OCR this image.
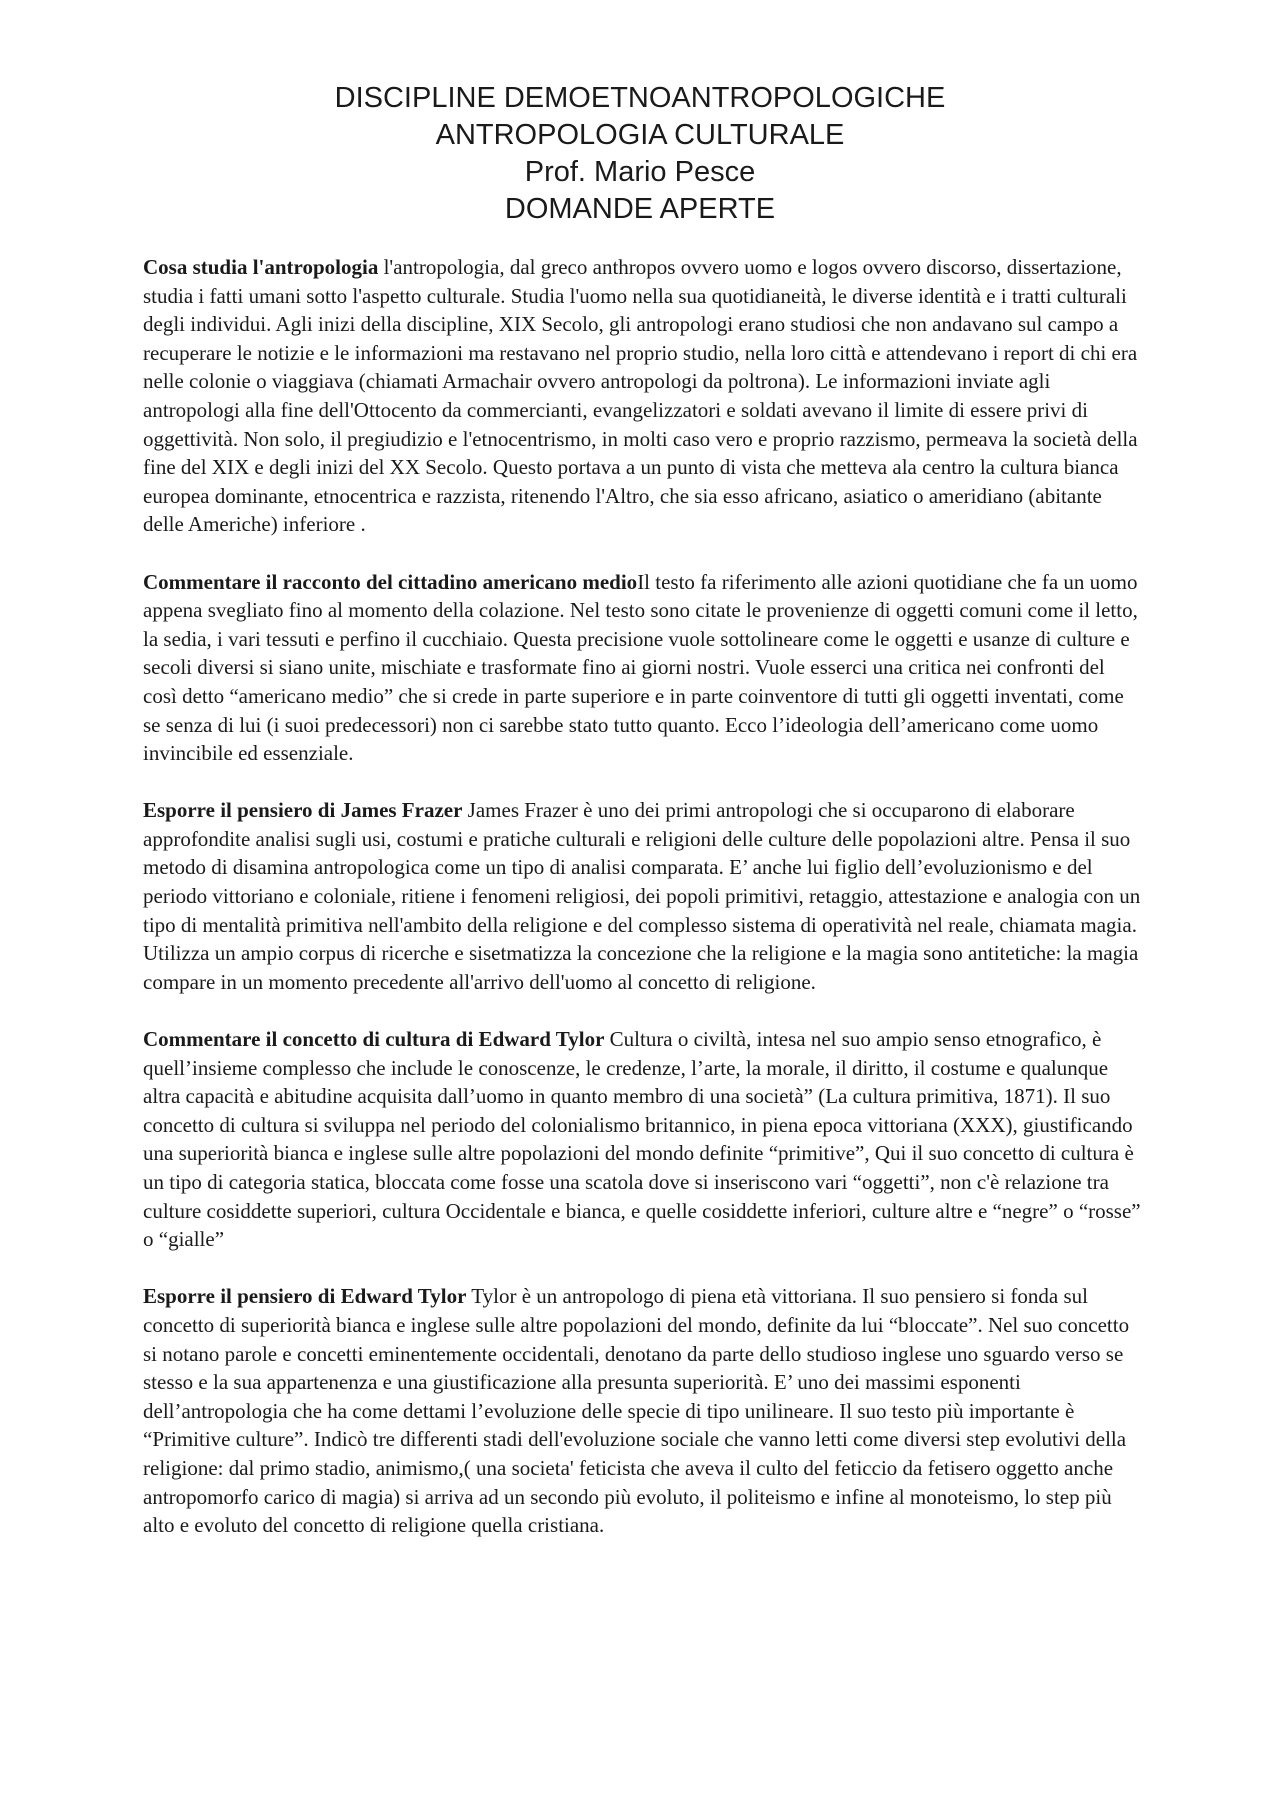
DISCIPLINE DEMOETNOANTROPOLOGICHE
ANTROPOLOGIA CULTURALE
Prof. Mario Pesce
DOMANDE APERTE

Cosa studia l'antropologia l'antropologia, dal greco anthropos ovvero uomo e logos ovvero discorso, dissertazione, studia i fatti umani sotto l'aspetto culturale. Studia l'uomo nella sua quotidianeità, le diverse identità e i tratti culturali degli individui. Agli inizi della discipline, XIX Secolo, gli antropologi erano studiosi che non andavano sul campo a recuperare le notizie e le informazioni ma restavano nel proprio studio, nella loro città e attendevano i report di chi era nelle colonie o viaggiava (chiamati Armachair ovvero antropologi da poltrona). Le informazioni inviate agli antropologi alla fine dell'Ottocento da commercianti, evangelizzatori e soldati avevano il limite di essere privi di oggettività. Non solo, il pregiudizio e l'etnocentrismo, in molti caso vero e proprio razzismo, permeava la società della fine del XIX e degli inizi del XX Secolo. Questo portava a un punto di vista che metteva ala centro la cultura bianca europea dominante, etnocentrica e razzista, ritenendo l'Altro, che sia esso africano, asiatico o ameridiano (abitante delle Americhe) inferiore .

Commentare il racconto del cittadino americano medioIl testo fa riferimento alle azioni quotidiane che fa un uomo appena svegliato fino al momento della colazione. Nel testo sono citate le provenienze di oggetti comuni come il letto, la sedia, i vari tessuti e perfino il cucchiaio. Questa precisione vuole sottolineare come le oggetti e usanze di culture e secoli diversi si siano unite, mischiate e trasformate fino ai giorni nostri. Vuole esserci una critica nei confronti del così detto “americano medio” che si crede in parte superiore e in parte coinventore di tutti gli oggetti inventati, come se senza di lui (i suoi predecessori) non ci sarebbe stato tutto quanto. Ecco l’ideologia dell’americano come uomo invincibile ed essenziale.

Esporre il pensiero di James Frazer James Frazer è uno dei primi antropologi che si occuparono di elaborare approfondite analisi sugli usi, costumi e pratiche culturali e religioni delle culture delle popolazioni altre. Pensa il suo metodo di disamina antropologica come un tipo di analisi comparata. E’ anche lui figlio dell’evoluzionismo e del periodo vittoriano e coloniale, ritiene i fenomeni religiosi, dei popoli primitivi, retaggio, attestazione e analogia con un tipo di mentalità primitiva nell'ambito della religione e del complesso sistema di operatività nel reale, chiamata magia. Utilizza un ampio corpus di ricerche e sisetmatizza la concezione che la religione e la magia sono antitetiche: la magia compare in un momento precedente all'arrivo dell'uomo al concetto di religione.

Commentare il concetto di cultura di Edward Tylor Cultura o civiltà, intesa nel suo ampio senso etnografico, è quell’insieme complesso che include le conoscenze, le credenze, l’arte, la morale, il diritto, il costume e qualunque altra capacità e abitudine acquisita dall’uomo in quanto membro di una società” (La cultura primitiva, 1871). Il suo concetto di cultura si sviluppa nel periodo del colonialismo britannico, in piena epoca vittoriana (XXX), giustificando una superiorità bianca e inglese sulle altre popolazioni del mondo definite “primitive”, Qui il suo concetto di cultura è un tipo di categoria statica, bloccata come fosse una scatola dove si inseriscono vari “oggetti”, non c'è relazione tra culture cosiddette superiori, cultura Occidentale e bianca, e quelle cosiddette inferiori, culture altre e “negre” o “rosse” o “gialle”

Esporre il pensiero di Edward Tylor Tylor è un antropologo di piena età vittoriana. Il suo pensiero si fonda sul concetto di superiorità bianca e inglese sulle altre popolazioni del mondo, definite da lui “bloccate”. Nel suo concetto si notano parole e concetti eminentemente occidentali, denotano da parte dello studioso inglese uno sguardo verso se stesso e la sua appartenenza e una giustificazione alla presunta superiorità. E’ uno dei massimi esponenti dell’antropologia che ha come dettami l’evoluzione delle specie di tipo unilineare. Il suo testo più importante è “Primitive culture”. Indicò tre differenti stadi dell'evoluzione sociale che vanno letti come diversi step evolutivi della religione: dal primo stadio, animismo,( una societa' feticista che aveva il culto del feticcio da fetisero oggetto anche antropomorfo carico di magia) si arriva ad un secondo più evoluto, il politeismo e infine al monoteismo, lo step più alto e evoluto del concetto di religione quella cristiana.
